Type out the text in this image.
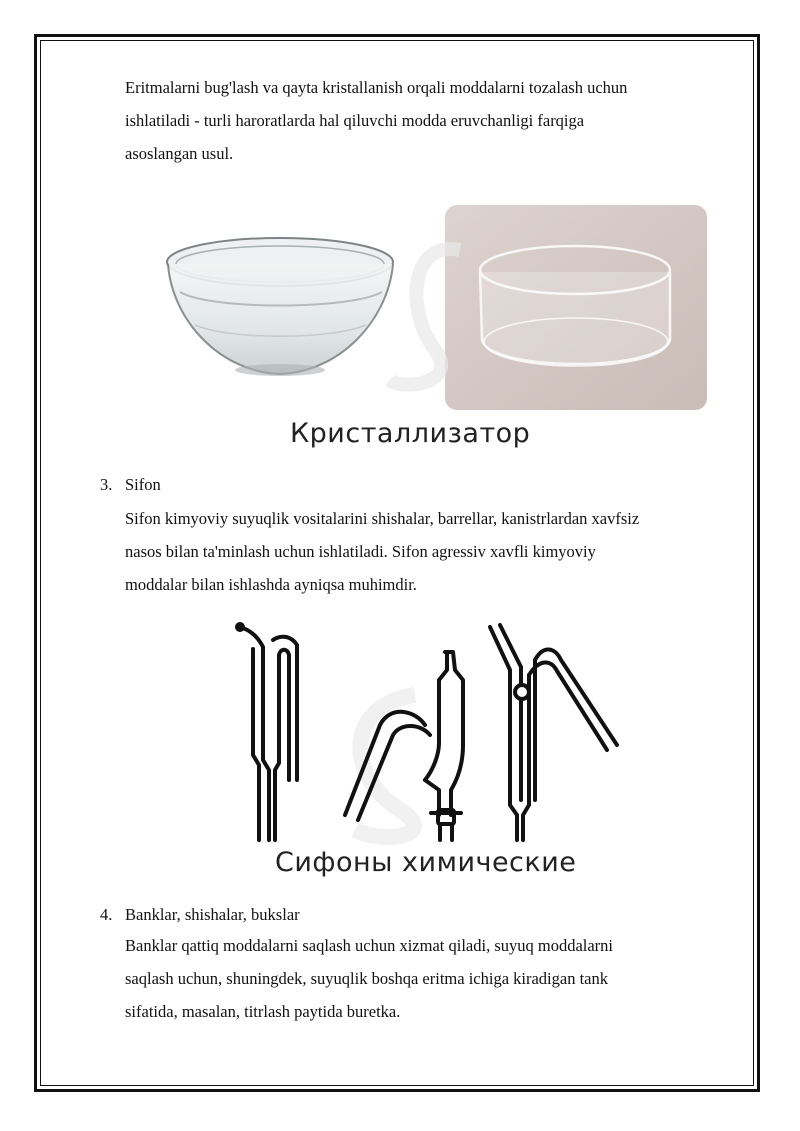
Eritmalarni bug'lash va qayta kristallanish orqali moddalarni tozalash uchun

ishlatiladi - turli haroratlarda hal qiluvchi modda eruvchanligi farqiga

asoslangan usul.

Кристаллизатор

3. Sifon

Sifon kimyoviy suyuqlik vositalarini shishalar, barrellar, kanistrlardan xavfsiz

nasos bilan ta'minlash uchun ishlatiladi. Sifon agressiv xavfli kimyoviy

moddalar bilan ishlashda ayniqsa muhimdir.

Сифоны химические

4. Banklar, shishalar, bukslar

Banklar qattiq moddalarni saqlash uchun xizmat qiladi, suyuq moddalarni

saqlash uchun, shuningdek, suyuqlik boshqa eritma ichiga kiradigan tank

sifatida, masalan, titrlash paytida buretka.
